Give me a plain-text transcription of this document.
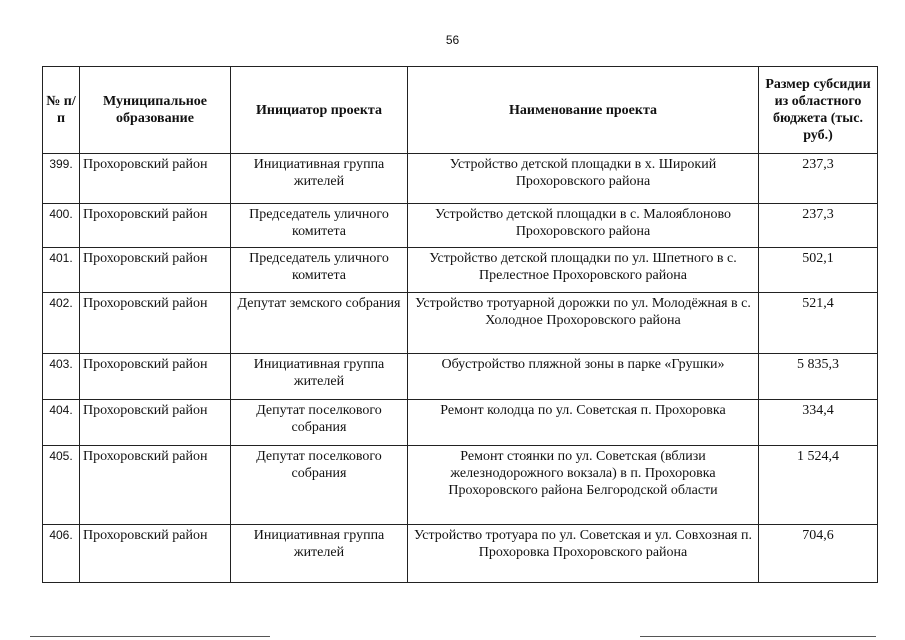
56
№ п/п	Муниципальное образование	Инициатор проекта	Наименование проекта	Размер субсидии из областного бюджета (тыс. руб.)
399.	Прохоровский район	Инициативная группа жителей	Устройство детской площадки в х. Широкий Прохоровского района	237,3
400.	Прохоровский район	Председатель уличного комитета	Устройство детской площадки в с. Малояблоново Прохоровского района	237,3
401.	Прохоровский район	Председатель уличного комитета	Устройство детской площадки по ул. Шпетного в с. Прелестное Прохоровского района	502,1
402.	Прохоровский район	Депутат земского собрания	Устройство тротуарной дорожки по ул. Молодёжная в с. Холодное Прохоровского района	521,4
403.	Прохоровский район	Инициативная группа жителей	Обустройство пляжной зоны в парке «Грушки»	5 835,3
404.	Прохоровский район	Депутат поселкового собрания	Ремонт колодца по ул. Советская п. Прохоровка	334,4
405.	Прохоровский район	Депутат поселкового собрания	Ремонт стоянки по ул. Советская (вблизи железнодорожного вокзала) в п. Прохоровка Прохоровского района Белгородской области	1 524,4
406.	Прохоровский район	Инициативная группа жителей	Устройство тротуара по ул. Советская и ул. Совхозная п. Прохоровка Прохоровского района	704,6
